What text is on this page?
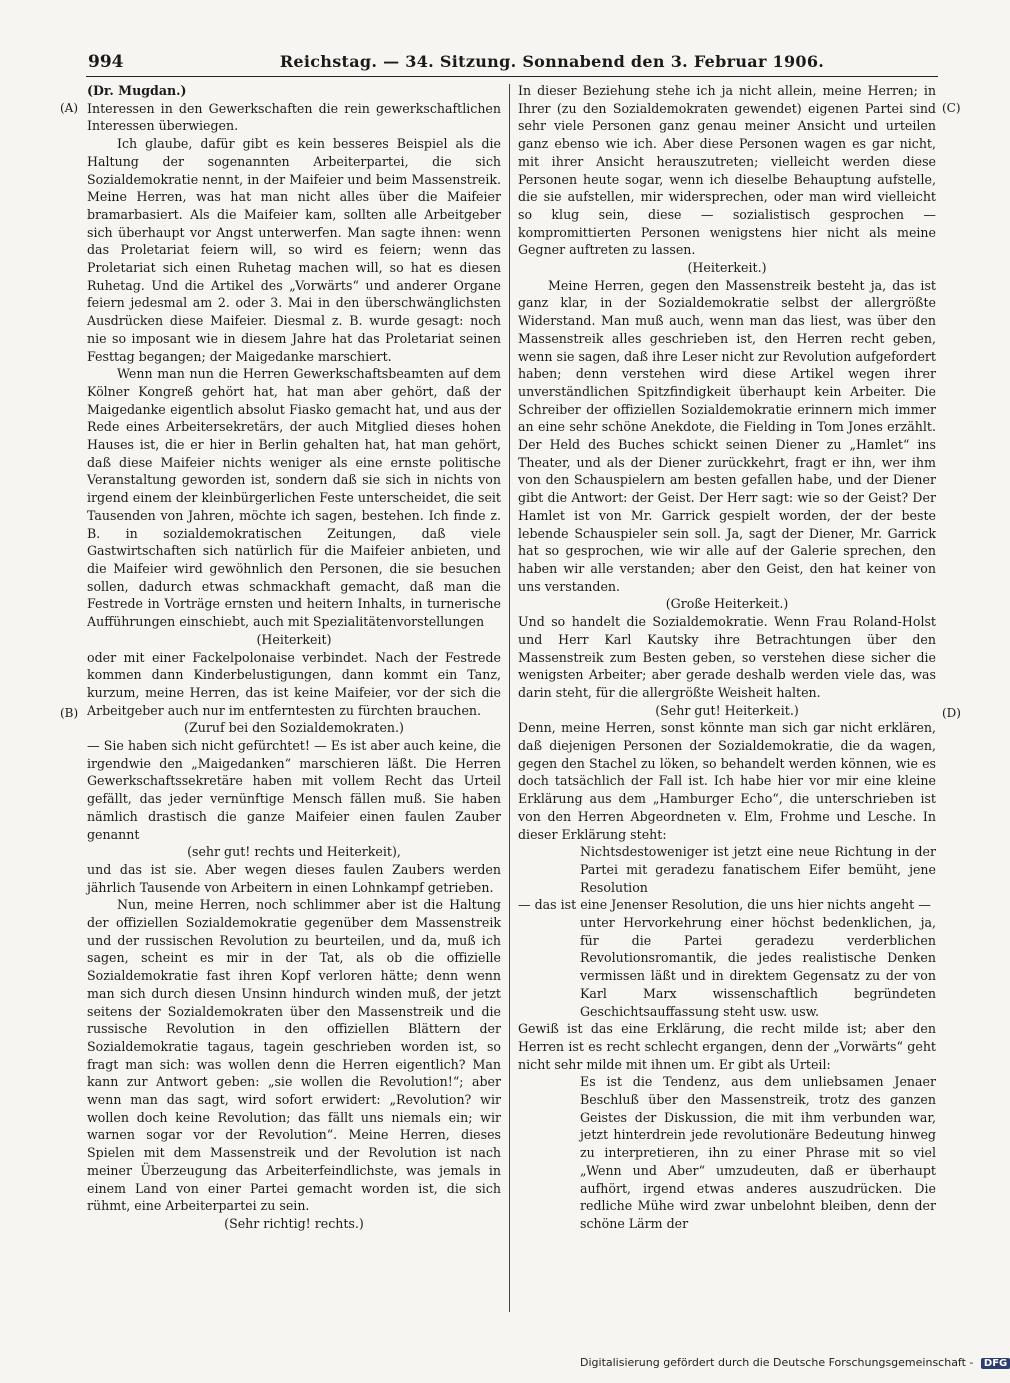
994	Reichstag. — 34. Sitzung. Sonnabend den 3. Februar 1906.
(A)
(B)
(C)
(D)

(Dr. Mugdan.)

Interessen in den Gewerkschaften die rein gewerkschaftlichen Interessen überwiegen.

Ich glaube, dafür gibt es kein besseres Beispiel als die Haltung der sogenannten Arbeiterpartei, die sich Sozialdemokratie nennt, in der Maifeier und beim Massenstreik. Meine Herren, was hat man nicht alles über die Maifeier bramarbasiert. Als die Maifeier kam, sollten alle Arbeitgeber sich überhaupt vor Angst unterwerfen. Man sagte ihnen: wenn das Proletariat feiern will, so wird es feiern; wenn das Proletariat sich einen Ruhetag machen will, so hat es diesen Ruhetag. Und die Artikel des „Vorwärts“ und anderer Organe feiern jedesmal am 2. oder 3. Mai in den überschwänglichsten Ausdrücken diese Maifeier. Diesmal z. B. wurde gesagt: noch nie so imposant wie in diesem Jahre hat das Proletariat seinen Festtag begangen; der Maigedanke marschiert.

Wenn man nun die Herren Gewerkschaftsbeamten auf dem Kölner Kongreß gehört hat, hat man aber gehört, daß der Maigedanke eigentlich absolut Fiasko gemacht hat, und aus der Rede eines Arbeitersekretärs, der auch Mitglied dieses hohen Hauses ist, die er hier in Berlin gehalten hat, hat man gehört, daß diese Maifeier nichts weniger als eine ernste politische Veranstaltung geworden ist, sondern daß sie sich in nichts von irgend einem der kleinbürgerlichen Feste unterscheidet, die seit Tausenden von Jahren, möchte ich sagen, bestehen. Ich finde z. B. in sozialdemokratischen Zeitungen, daß viele Gastwirtschaften sich natürlich für die Maifeier anbieten, und die Maifeier wird gewöhnlich den Personen, die sie besuchen sollen, dadurch etwas schmackhaft gemacht, daß man die Festrede in Vorträge ernsten und heitern Inhalts, in turnerische Aufführungen einschiebt, auch mit Spezialitätenvorstellungen

(Heiterkeit)

oder mit einer Fackelpolonaise verbindet. Nach der Festrede kommen dann Kinderbelustigungen, dann kommt ein Tanz, kurzum, meine Herren, das ist keine Maifeier, vor der sich die Arbeitgeber auch nur im entferntesten zu fürchten brauchen.

(Zuruf bei den Sozialdemokraten.)

— Sie haben sich nicht gefürchtet! — Es ist aber auch keine, die irgendwie den „Maigedanken“ marschieren läßt. Die Herren Gewerkschaftssekretäre haben mit vollem Recht das Urteil gefällt, das jeder vernünftige Mensch fällen muß. Sie haben nämlich drastisch die ganze Maifeier einen faulen Zauber genannt

(sehr gut! rechts und Heiterkeit),

und das ist sie. Aber wegen dieses faulen Zaubers werden jährlich Tausende von Arbeitern in einen Lohnkampf getrieben.

Nun, meine Herren, noch schlimmer aber ist die Haltung der offiziellen Sozialdemokratie gegenüber dem Massenstreik und der russischen Revolution zu beurteilen, und da, muß ich sagen, scheint es mir in der Tat, als ob die offizielle Sozialdemokratie fast ihren Kopf verloren hätte; denn wenn man sich durch diesen Unsinn hindurch winden muß, der jetzt seitens der Sozialdemokraten über den Massenstreik und die russische Revolution in den offiziellen Blättern der Sozialdemokratie tagaus, tagein geschrieben worden ist, so fragt man sich: was wollen denn die Herren eigentlich? Man kann zur Antwort geben: „sie wollen die Revolution!“; aber wenn man das sagt, wird sofort erwidert: „Revolution? wir wollen doch keine Revolution; das fällt uns niemals ein; wir warnen sogar vor der Revolution“. Meine Herren, dieses Spielen mit dem Massenstreik und der Revolution ist nach meiner Überzeugung das Arbeiterfeindlichste, was jemals in einem Land von einer Partei gemacht worden ist, die sich rühmt, eine Arbeiterpartei zu sein.

(Sehr richtig! rechts.)

In dieser Beziehung stehe ich ja nicht allein, meine Herren; in Ihrer (zu den Sozialdemokraten gewendet) eigenen Partei sind sehr viele Personen ganz genau meiner Ansicht und urteilen ganz ebenso wie ich. Aber diese Personen wagen es gar nicht, mit ihrer Ansicht herauszutreten; vielleicht werden diese Personen heute sogar, wenn ich dieselbe Behauptung aufstelle, die sie aufstellen, mir widersprechen, oder man wird vielleicht so klug sein, diese — sozialistisch gesprochen — kompromittierten Personen wenigstens hier nicht als meine Gegner auftreten zu lassen.

(Heiterkeit.)

Meine Herren, gegen den Massenstreik besteht ja, das ist ganz klar, in der Sozialdemokratie selbst der allergrößte Widerstand. Man muß auch, wenn man das liest, was über den Massenstreik alles geschrieben ist, den Herren recht geben, wenn sie sagen, daß ihre Leser nicht zur Revolution aufgefordert haben; denn verstehen wird diese Artikel wegen ihrer unverständlichen Spitzfindigkeit überhaupt kein Arbeiter. Die Schreiber der offiziellen Sozialdemokratie erinnern mich immer an eine sehr schöne Anekdote, die Fielding in Tom Jones erzählt. Der Held des Buches schickt seinen Diener zu „Hamlet“ ins Theater, und als der Diener zurückkehrt, fragt er ihn, wer ihm von den Schauspielern am besten gefallen habe, und der Diener gibt die Antwort: der Geist. Der Herr sagt: wie so der Geist? Der Hamlet ist von Mr. Garrick gespielt worden, der der beste lebende Schauspieler sein soll. Ja, sagt der Diener, Mr. Garrick hat so gesprochen, wie wir alle auf der Galerie sprechen, den haben wir alle verstanden; aber den Geist, den hat keiner von uns verstanden.

(Große Heiterkeit.)

Und so handelt die Sozialdemokratie. Wenn Frau Roland-Holst und Herr Karl Kautsky ihre Betrachtungen über den Massenstreik zum Besten geben, so verstehen diese sicher die wenigsten Arbeiter; aber gerade deshalb werden viele das, was darin steht, für die allergrößte Weisheit halten.

(Sehr gut! Heiterkeit.)

Denn, meine Herren, sonst könnte man sich gar nicht erklären, daß diejenigen Personen der Sozialdemokratie, die da wagen, gegen den Stachel zu löken, so behandelt werden können, wie es doch tatsächlich der Fall ist. Ich habe hier vor mir eine kleine Erklärung aus dem „Hamburger Echo“, die unterschrieben ist von den Herren Abgeordneten v. Elm, Frohme und Lesche. In dieser Erklärung steht:

Nichtsdestoweniger ist jetzt eine neue Richtung in der Partei mit geradezu fanatischem Eifer bemüht, jene Resolution

— das ist eine Jenenser Resolution, die uns hier nichts angeht —

unter Hervorkehrung einer höchst bedenklichen, ja, für die Partei geradezu verderblichen Revolutionsromantik, die jedes realistische Denken vermissen läßt und in direktem Gegensatz zu der von Karl Marx wissenschaftlich begründeten Geschichtsauffassung steht usw. usw.

Gewiß ist das eine Erklärung, die recht milde ist; aber den Herren ist es recht schlecht ergangen, denn der „Vorwärts“ geht nicht sehr milde mit ihnen um. Er gibt als Urteil:

Es ist die Tendenz, aus dem unliebsamen Jenaer Beschluß über den Massenstreik, trotz des ganzen Geistes der Diskussion, die mit ihm verbunden war, jetzt hinterdrein jede revolutionäre Bedeutung hinweg zu interpretieren, ihn zu einer Phrase mit so viel „Wenn und Aber“ umzudeuten, daß er überhaupt aufhört, irgend etwas anderes auszudrücken. Die redliche Mühe wird zwar unbelohnt bleiben, denn der schöne Lärm der

Digitalisierung gefördert durch die Deutsche Forschungsgemeinschaft - DFG
